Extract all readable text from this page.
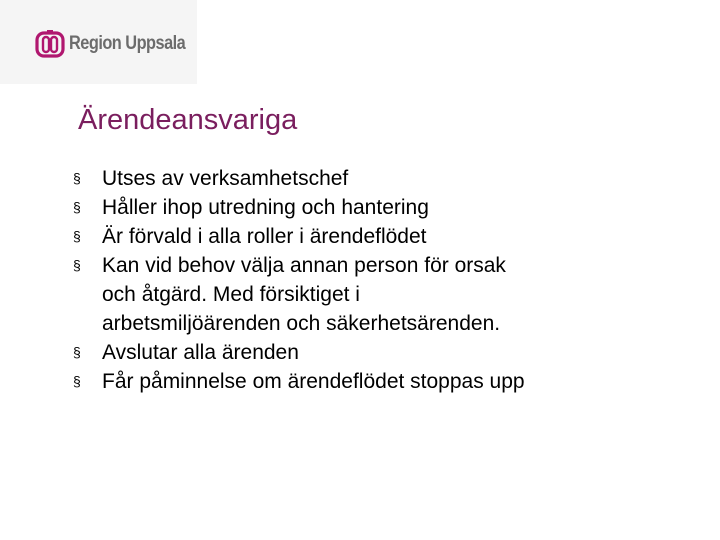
Region Uppsala
Ärendeansvariga
§	Utses av verksamhetschef
§	Håller ihop utredning och hantering
§	Är förvald i alla roller i ärendeflödet
§	Kan vid behov välja annan person för orsak
och åtgärd. Med försiktiget i
arbetsmiljöärenden och säkerhetsärenden.
§	Avslutar alla ärenden
§	Får påminnelse om ärendeflödet stoppas upp
